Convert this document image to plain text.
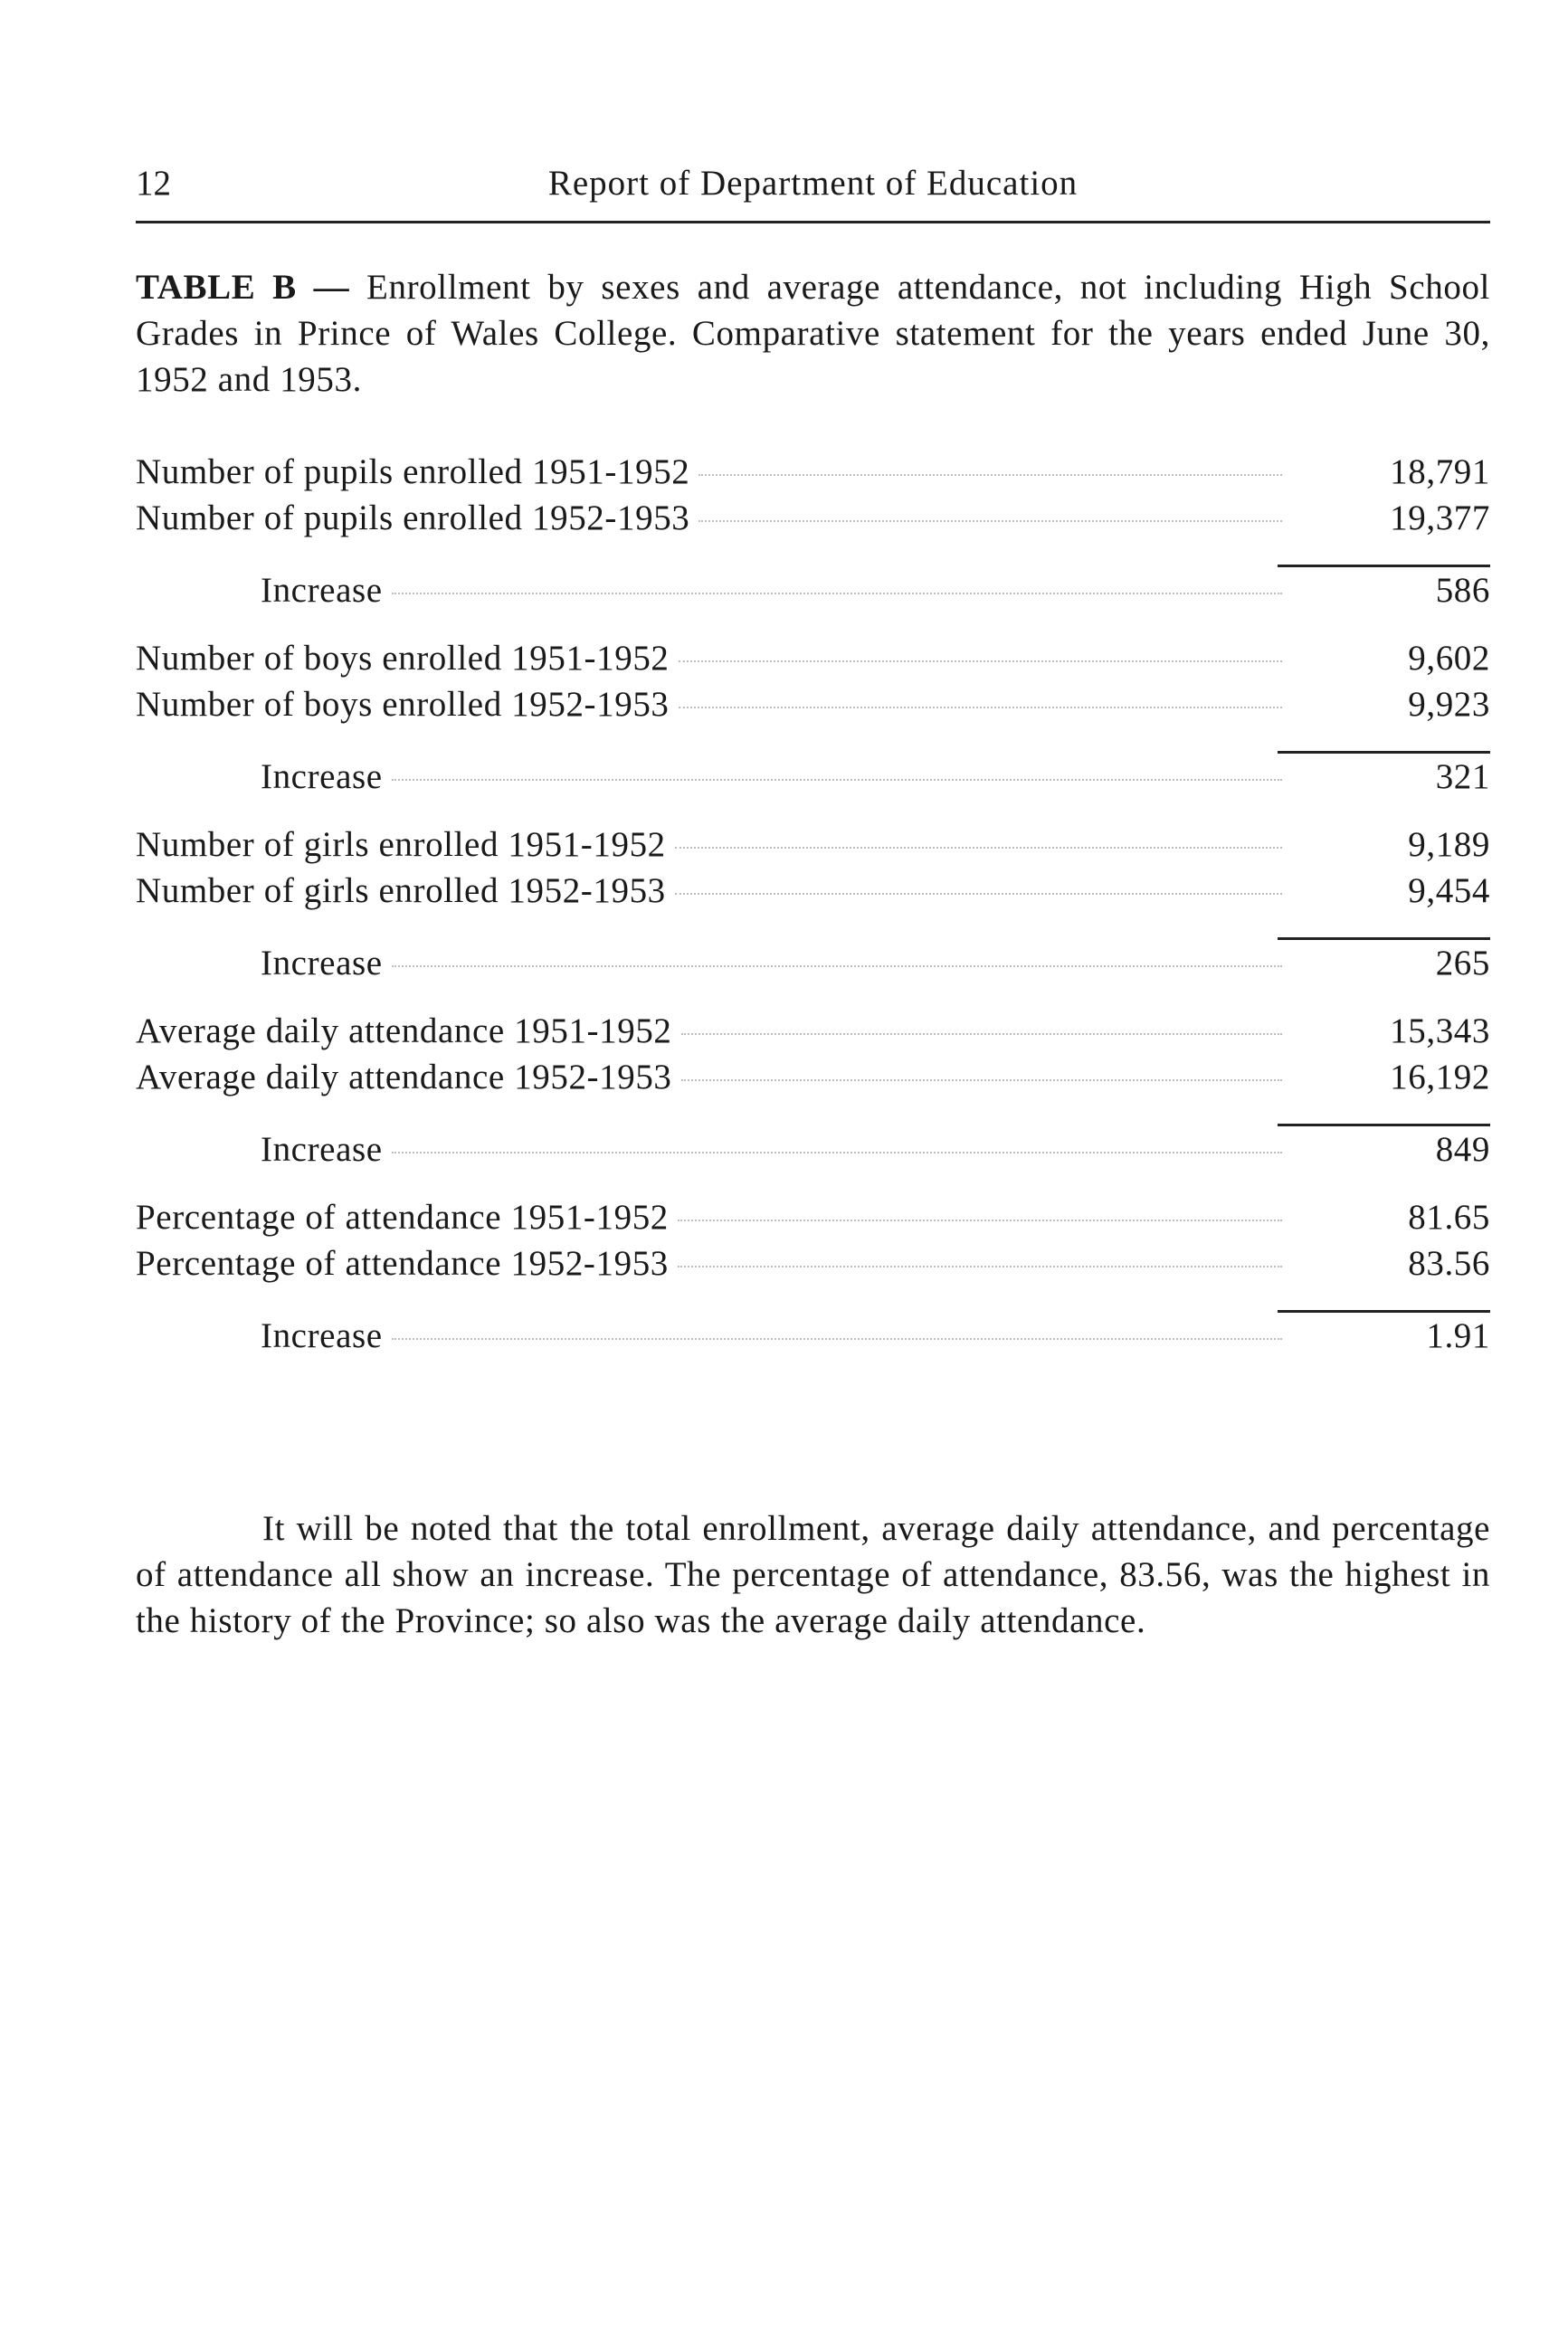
12	Report of Department of Education

TABLE B — Enrollment by sexes and average attendance, not including High School Grades in Prince of Wales College. Comparative statement for the years ended June 30, 1952 and 1953.

Number of pupils enrolled 1951-1952	18,791
Number of pupils enrolled 1952-1953	19,377
Increase	586
Number of boys enrolled 1951-1952	9,602
Number of boys enrolled 1952-1953	9,923
Increase	321
Number of girls enrolled 1951-1952	9,189
Number of girls enrolled 1952-1953	9,454
Increase	265
Average daily attendance 1951-1952	15,343
Average daily attendance 1952-1953	16,192
Increase	849
Percentage of attendance 1951-1952	81.65
Percentage of attendance 1952-1953	83.56
Increase	1.91

It will be noted that the total enrollment, average daily attendance, and percentage of attendance all show an increase. The percentage of attendance, 83.56, was the highest in the history of the Province; so also was the average daily attendance.
